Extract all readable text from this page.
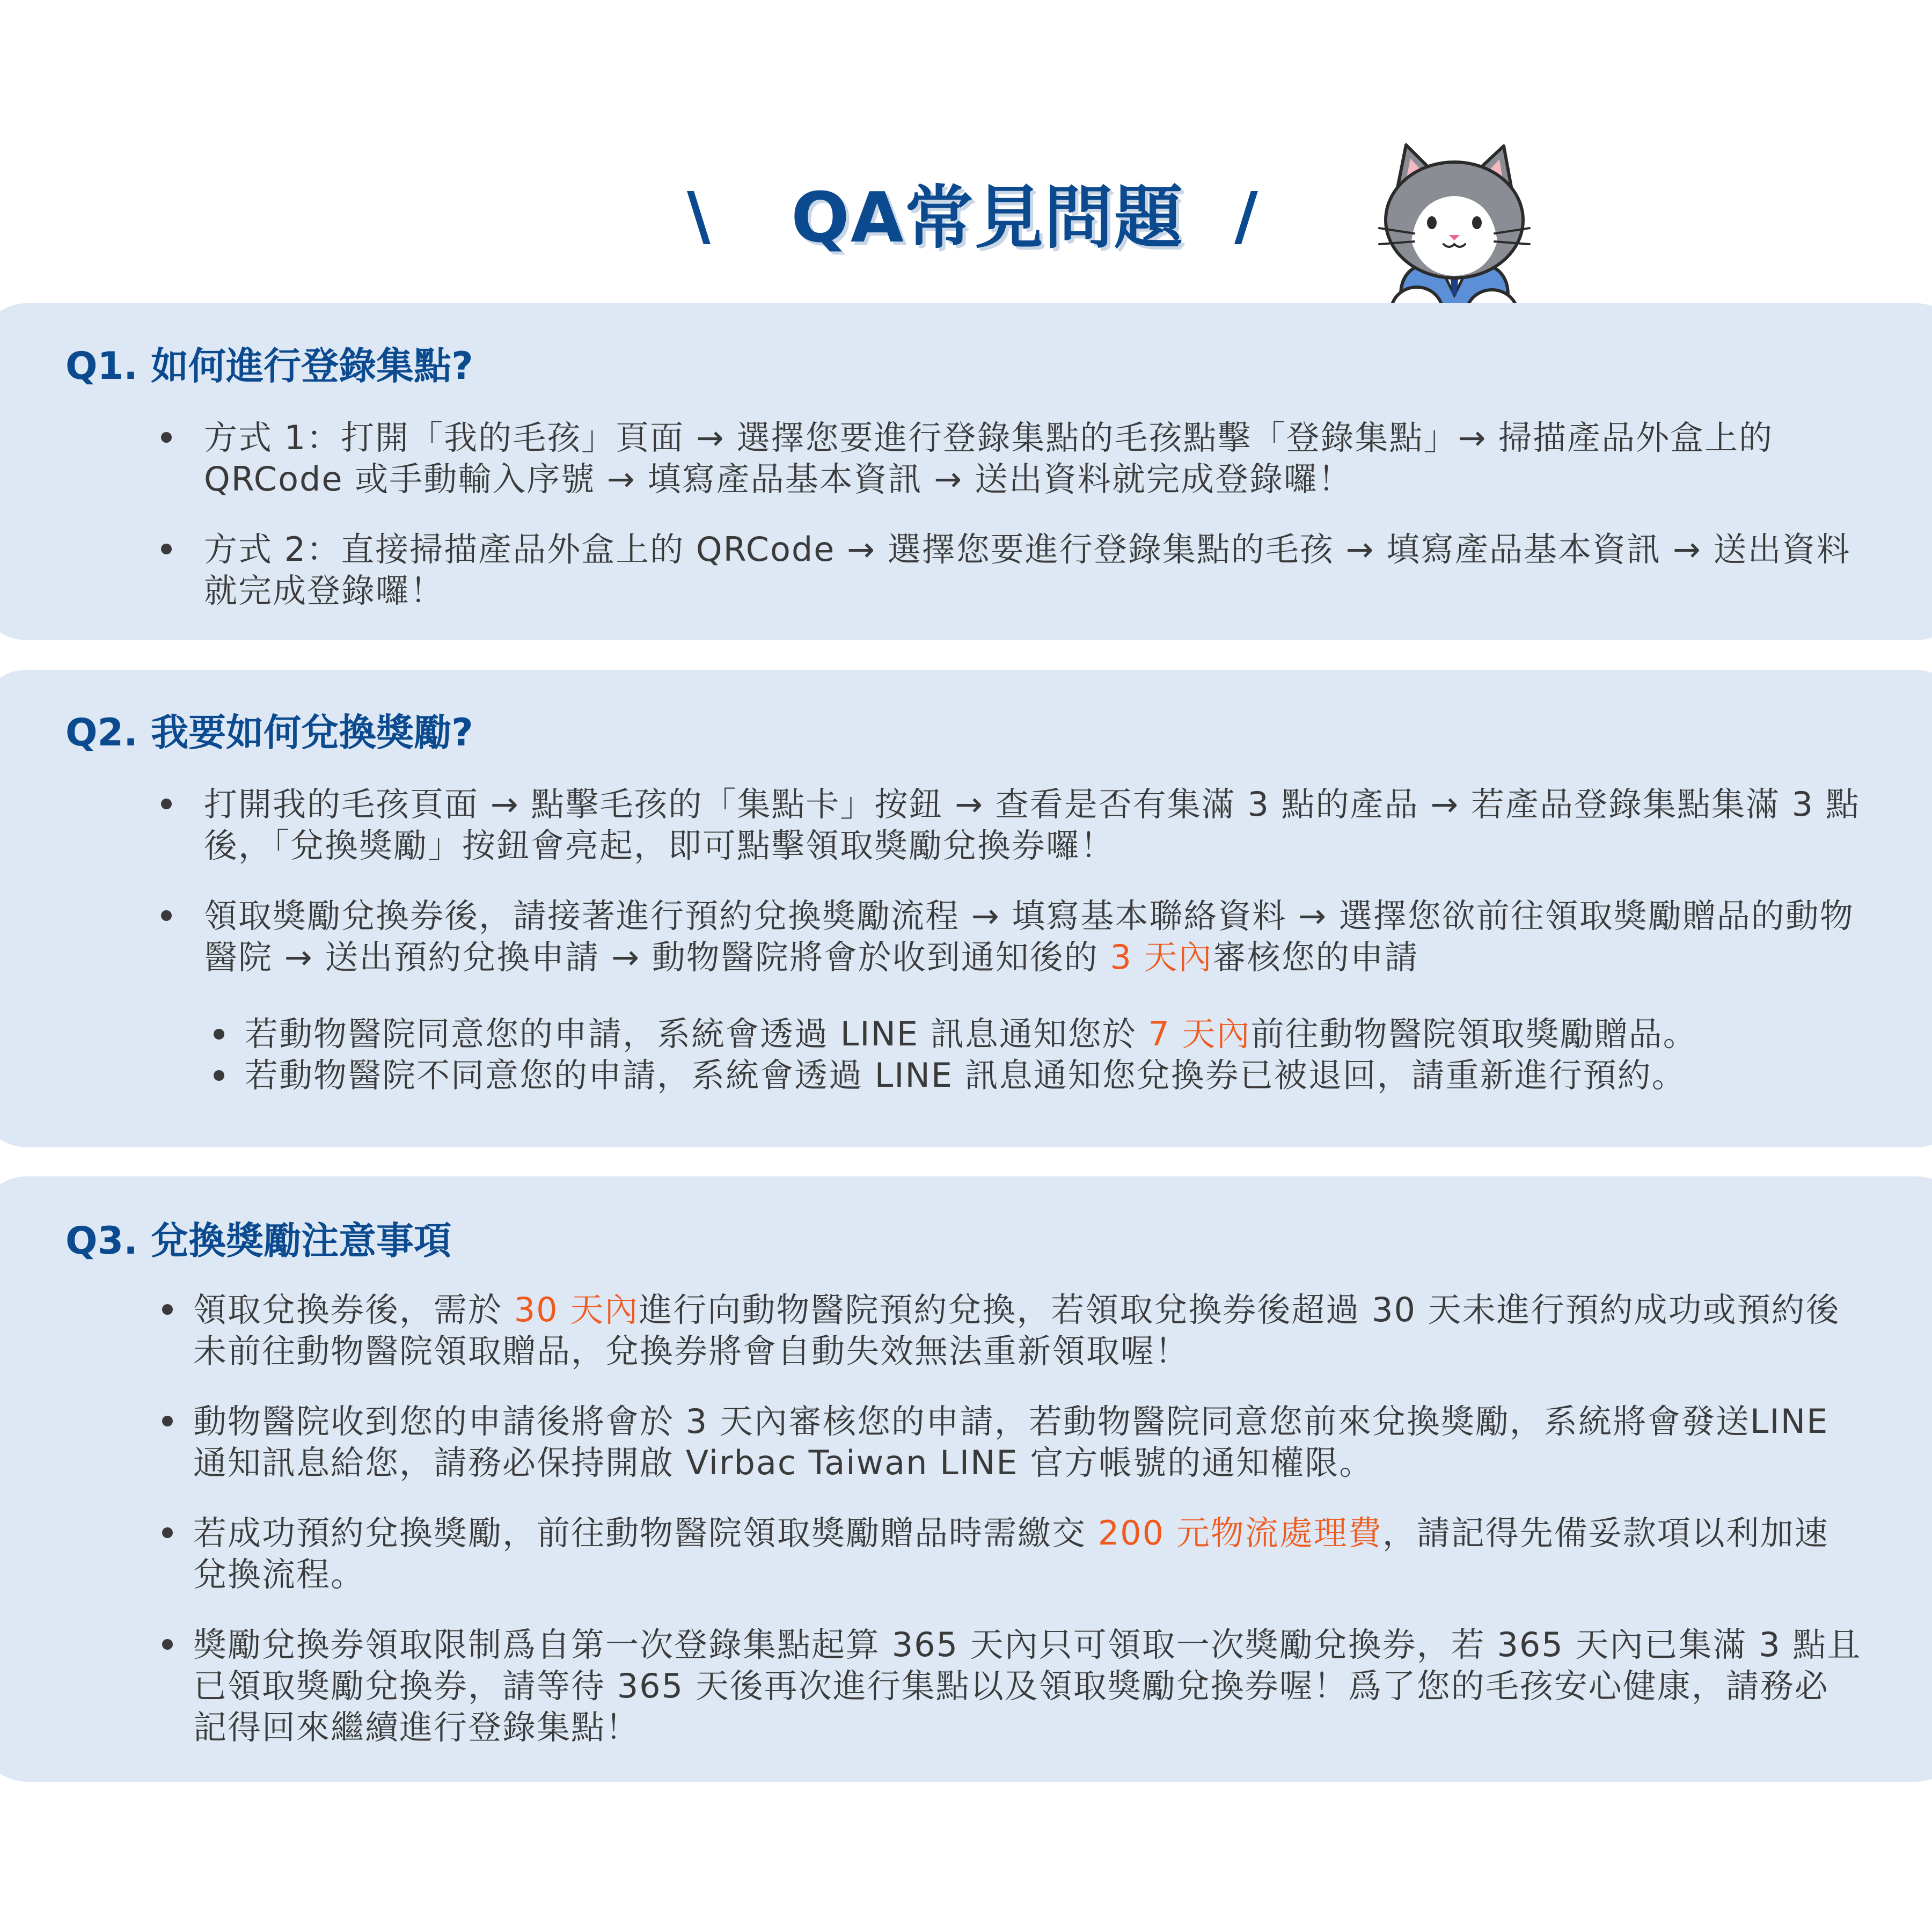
\ QA常見問題 /
Q1. 如何進行登錄集點?
方式 1：打開「我的毛孩」頁面 → 選擇您要進行登錄集點的毛孩點擊「登錄集點」→ 掃描產品外盒上的QRCode 或手動輸入序號 → 填寫產品基本資訊 → 送出資料就完成登錄囉！
方式 2：直接掃描產品外盒上的 QRCode → 選擇您要進行登錄集點的毛孩 → 填寫產品基本資訊 → 送出資料就完成登錄囉！
Q2. 我要如何兌換獎勵?
打開我的毛孩頁面 → 點擊毛孩的「集點卡」按鈕 → 查看是否有集滿 3 點的產品 → 若產品登錄集點集滿 3 點後，「兌換獎勵」按鈕會亮起，即可點擊領取獎勵兌換券囉！
領取獎勵兌換券後，請接著進行預約兌換獎勵流程 → 填寫基本聯絡資料 → 選擇您欲前往領取獎勵贈品的動物醫院 → 送出預約兌換申請 → 動物醫院將會於收到通知後的 3 天內審核您的申請
若動物醫院同意您的申請，系統會透過 LINE 訊息通知您於 7 天內前往動物醫院領取獎勵贈品。
若動物醫院不同意您的申請，系統會透過 LINE 訊息通知您兌換券已被退回，請重新進行預約。
Q3. 兌換獎勵注意事項
領取兌換券後，需於 30 天內進行向動物醫院預約兌換，若領取兌換券後超過 30 天未進行預約成功或預約後未前往動物醫院領取贈品，兌換券將會自動失效無法重新領取喔！
動物醫院收到您的申請後將會於 3 天內審核您的申請，若動物醫院同意您前來兌換獎勵，系統將會發送LINE 通知訊息給您，請務必保持開啟 Virbac Taiwan LINE 官方帳號的通知權限。
若成功預約兌換獎勵，前往動物醫院領取獎勵贈品時需繳交 200 元物流處理費，請記得先備妥款項以利加速兌換流程。
獎勵兌換券領取限制爲自第一次登錄集點起算 365 天內只可領取一次獎勵兌換券，若 365 天內已集滿 3 點且已領取獎勵兌換券，請等待 365 天後再次進行集點以及領取獎勵兌換券喔！爲了您的毛孩安心健康，請務必記得回來繼續進行登錄集點！
